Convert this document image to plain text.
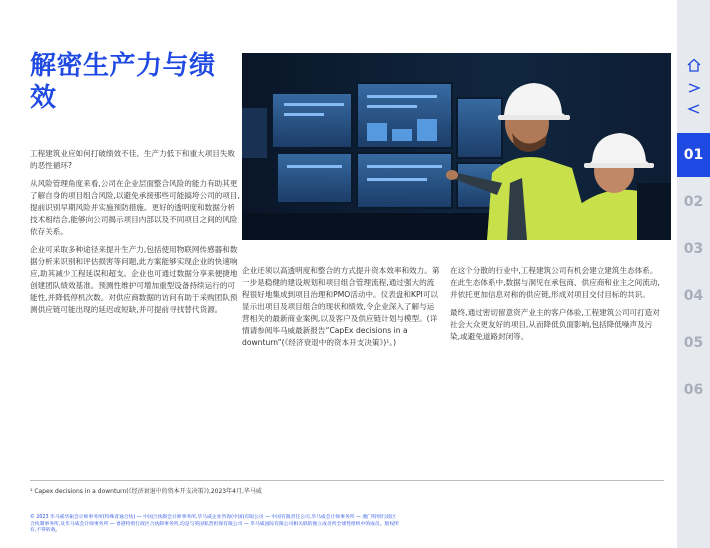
解密生产力与绩效

工程建筑业应如何打破绩效不佳、生产力低下和重大项目失败的恶性循环?

从风险管理角度来看,公司在企业层面整合风险的能力有助其更了解自身的项目组合风险,以避免承接那些可能搞垮公司的项目,提前识别早期风险并实施预防措施。更好的透明度和数据分析技术相结合,能够向公司揭示项目内部以及不同项目之间的风险依存关系。

企业可采取多种途径来提升生产力,包括使用物联网传感器和数据分析来识别和评估损害等问题,此方案能够实现企业的快速响应,助其减少工程延误和超支。企业也可通过数据分享来便捷地创建团队绩效基准。预测性维护可增加重型设备持续运行的可能性,并降低停机次数。对供应商数据的访问有助于采购团队预测供应链可能出现的延迟或短缺,并可提前寻找替代货源。

企业还须以高透明度和整合的方式提升资本效率和效力。第一步是稳健的建设规划和项目组合管理流程,通过强大的流程很好地集成到项目治理和PMO活动中。仪表盘和KPI可以显示出项目及项目组合的现状和绩效,令企业深入了解与运营相关的最新商业案例,以及客户及供应链计划与模型。(详情请参阅毕马威最新报告“CapEx decisions in a downturn”(《经济衰退中的资本开支决策》)¹。)

在这个分散的行业中,工程建筑公司有机会建立建筑生态体系。在此生态体系中,数据与洞见在承包商、供应商和业主之间流动,并依托更加信息对称的供应链,形成对项目交付目标的共识。

最终,通过密切留意资产业主的客户体验,工程建筑公司可打造对社会大众更友好的项目,从而降低负面影响,包括降低噪声及污染,或避免道路封闭等。

¹ Capex decisions in a downturn(《经济衰退中的资本开支决策》),2023年4月,毕马威
© 2023 毕马威华振会计师事务所(特殊普通合伙) — 中国合伙制会计师事务所,毕马威企业咨询(中国)有限公司 — 中国有限责任公司,毕马威会计师事务所 — 澳门特别行政区合伙制事务所,及毕马威会计师事务所 — 香港特别行政区合伙制事务所,均是与英国私营担保有限公司 — 毕马威国际有限公司相关联的独立成员所全球性组织中的成员。版权所有,不得转载。
01
02
03
04
05
06
